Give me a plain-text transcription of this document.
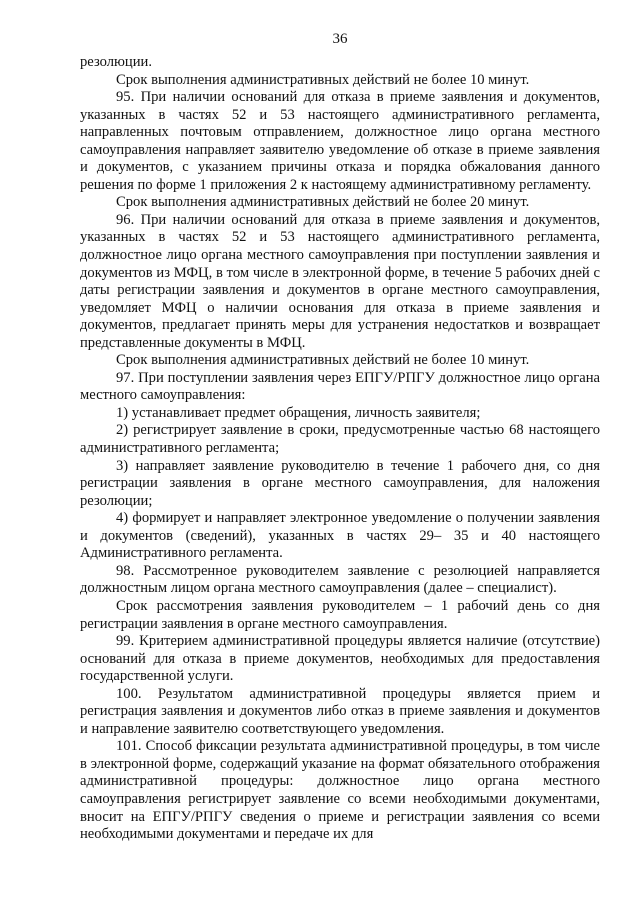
36

резолюции.

Срок выполнения административных действий не более 10 минут.

95. При наличии оснований для отказа в приеме заявления и документов, указанных в частях 52 и 53 настоящего административного регламента, направленных почтовым отправлением, должностное лицо органа местного самоуправления направляет заявителю уведомление об отказе в приеме заявления и документов, с указанием причины отказа и порядка обжалования данного решения по форме 1 приложения 2 к настоящему административному регламенту.

Срок выполнения административных действий не более 20 минут.

96. При наличии оснований для отказа в приеме заявления и документов, указанных в частях 52 и 53 настоящего административного регламента, должностное лицо органа местного самоуправления при поступлении заявления и документов из МФЦ, в том числе в электронной форме, в течение 5 рабочих дней с даты регистрации заявления и документов в органе местного самоуправления, уведомляет МФЦ о наличии основания для отказа в приеме заявления и документов, предлагает принять меры для устранения недостатков и возвращает представленные документы в МФЦ.

Срок выполнения административных действий не более 10 минут.

97. При поступлении заявления через ЕПГУ/РПГУ должностное лицо органа местного самоуправления:

1) устанавливает предмет обращения, личность заявителя;

2) регистрирует заявление в сроки, предусмотренные частью 68 настоящего административного регламента;

3) направляет заявление руководителю в течение 1 рабочего дня, со дня регистрации заявления в органе местного самоуправления, для наложения резолюции;

4) формирует и направляет электронное уведомление о получении заявления и документов (сведений), указанных в частях 29– 35 и 40 настоящего Административного регламента.

98. Рассмотренное руководителем заявление с резолюцией направляется должностным лицом органа местного самоуправления (далее – специалист).

Срок рассмотрения заявления руководителем – 1 рабочий день со дня регистрации заявления в органе местного самоуправления.

99. Критерием административной процедуры является наличие (отсутствие) оснований для отказа в приеме документов, необходимых для предоставления государственной услуги.

100. Результатом административной процедуры является прием и регистрация заявления и документов либо отказ в приеме заявления и документов и направление заявителю соответствующего уведомления.

101. Способ фиксации результата административной процедуры, в том числе в электронной форме, содержащий указание на формат обязательного отображения административной процедуры: должностное лицо органа местного самоуправления регистрирует заявление со всеми необходимыми документами, вносит на ЕПГУ/РПГУ сведения о приеме и регистрации заявления со всеми необходимыми документами и передаче их для
